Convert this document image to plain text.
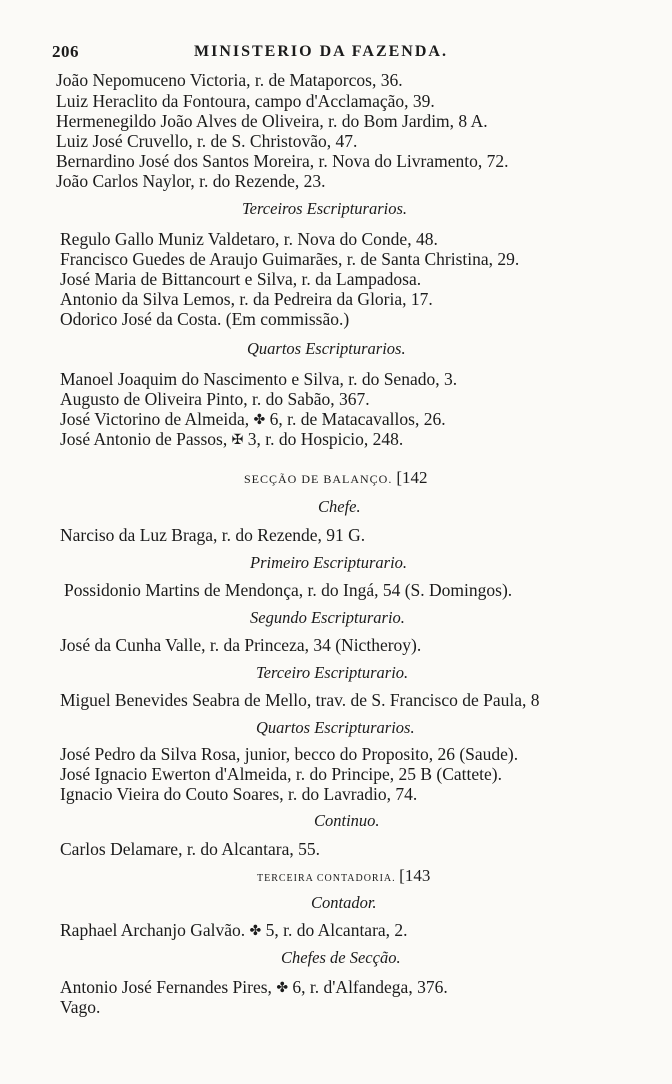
206	MINISTERIO DA FAZENDA.
João Nepomuceno Victoria, r. de Mataporcos, 36.
Luiz Heraclito da Fontoura, campo d'Acclamação, 39.
Hermenegildo João Alves de Oliveira, r. do Bom Jardim, 8 A.
Luiz José Cruvello, r. de S. Christovão, 47.
Bernardino José dos Santos Moreira, r. Nova do Livramento, 72.
João Carlos Naylor, r. do Rezende, 23.
Terceiros Escripturarios.
Regulo Gallo Muniz Valdetaro, r. Nova do Conde, 48.
Francisco Guedes de Araujo Guimarães, r. de Santa Christina, 29.
José Maria de Bittancourt e Silva, r. da Lampadosa.
Antonio da Silva Lemos, r. da Pedreira da Gloria, 17.
Odorico José da Costa. (Em commissão.)
Quartos Escripturarios.
Manoel Joaquim do Nascimento e Silva, r. do Senado, 3.
Augusto de Oliveira Pinto, r. do Sabão, 367.
José Victorino de Almeida, ✤ 6, r. de Matacavallos, 26.
José Antonio de Passos, ✠ 3, r. do Hospicio, 248.
SECÇÃO DE BALANÇO. [142
Chefe.
Narciso da Luz Braga, r. do Rezende, 91 G.
Primeiro Escripturario.
Possidonio Martins de Mendonça, r. do Ingá, 54 (S. Domingos).
Segundo Escripturario.
José da Cunha Valle, r. da Princeza, 34 (Nictheroy).
Terceiro Escripturario.
Miguel Benevides Seabra de Mello, trav. de S. Francisco de Paula, 8
Quartos Escripturarios.
José Pedro da Silva Rosa, junior, becco do Proposito, 26 (Saude).
José Ignacio Ewerton d'Almeida, r. do Principe, 25 B (Cattete).
Ignacio Vieira do Couto Soares, r. do Lavradio, 74.
Continuo.
Carlos Delamare, r. do Alcantara, 55.
TERCEIRA CONTADORIA. [143
Contador.
Raphael Archanjo Galvão. ✤ 5, r. do Alcantara, 2.
Chefes de Secção.
Antonio José Fernandes Pires, ✤ 6, r. d'Alfandega, 376.
Vago.
